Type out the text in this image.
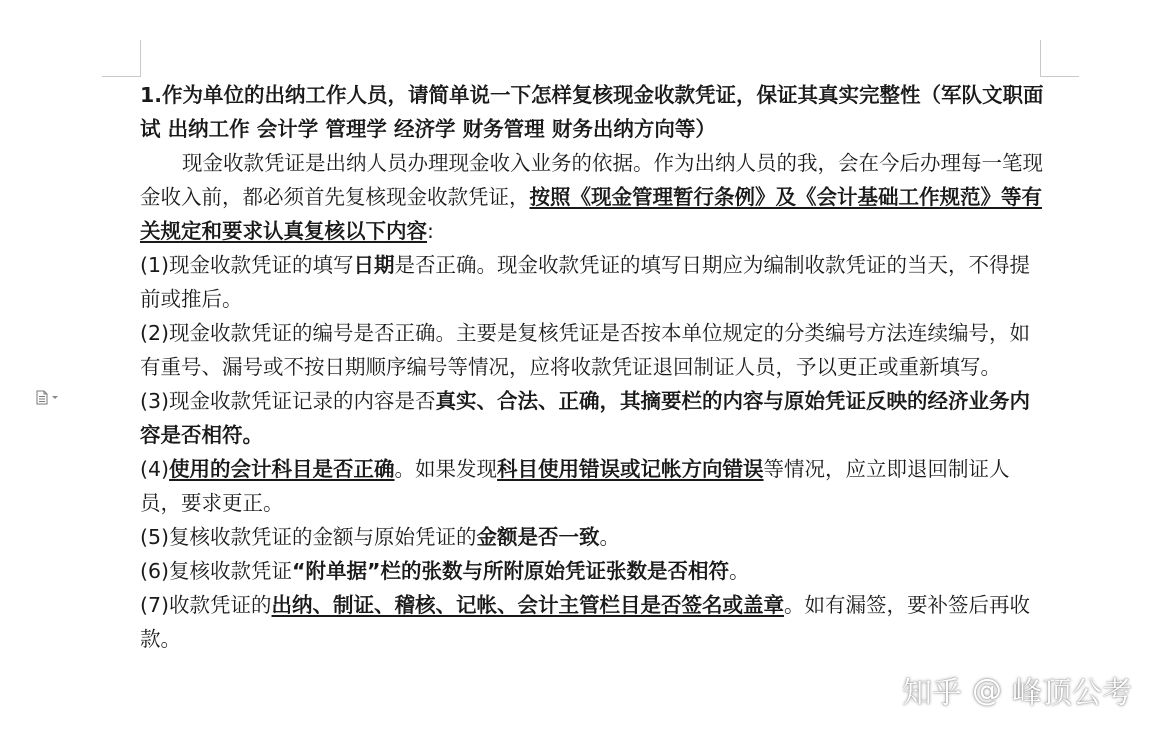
1.作为单位的出纳工作人员，请简单说一下怎样复核现金收款凭证，保证其真实完整性（军队文职面试 出纳工作 会计学 管理学 经济学 财务管理 财务出纳方向等）

现金收款凭证是出纳人员办理现金收入业务的依据。作为出纳人员的我，会在今后办理每一笔现金收入前，都必须首先复核现金收款凭证，按照《现金管理暂行条例》及《会计基础工作规范》等有关规定和要求认真复核以下内容:

(1)现金收款凭证的填写日期是否正确。现金收款凭证的填写日期应为编制收款凭证的当天，不得提前或推后。

(2)现金收款凭证的编号是否正确。主要是复核凭证是否按本单位规定的分类编号方法连续编号，如有重号、漏号或不按日期顺序编号等情况，应将收款凭证退回制证人员，予以更正或重新填写。

(3)现金收款凭证记录的内容是否真实、合法、正确，其摘要栏的内容与原始凭证反映的经济业务内容是否相符。

(4)使用的会计科目是否正确。如果发现科目使用错误或记帐方向错误等情况，应立即退回制证人员，要求更正。

(5)复核收款凭证的金额与原始凭证的金额是否一致。

(6)复核收款凭证“附单据”栏的张数与所附原始凭证张数是否相符。

(7)收款凭证的出纳、制证、稽核、记帐、会计主管栏目是否签名或盖章。如有漏签，要补签后再收款。

知乎 @ 峰顶公考
